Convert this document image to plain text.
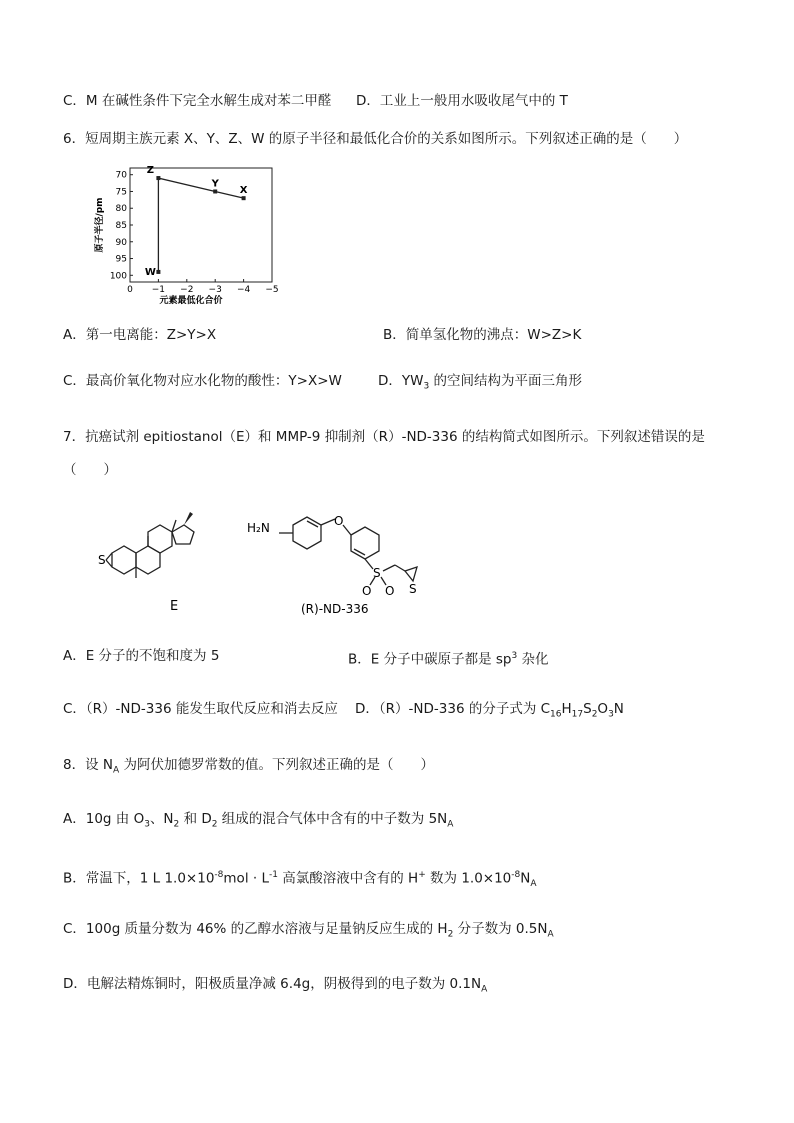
C．M 在碱性条件下完全水解生成对苯二甲醛 D．工业上一般用水吸收尾气中的 T
6．短周期主族元素 X、Y、Z、W 的原子半径和最低化合价的关系如图所示。下列叙述正确的是（　　）
70
75
80
85
90
95
100
0 −1 −2 −3 −4 −5
元素最低化合价
原子半径/pm
W
Z
Y
X
A．第一电离能：Z>Y>X	B．简单氢化物的沸点：W>Z>K
C．最高价氧化物对应水化物的酸性：Y>X>W	D．$YW_3$ 的空间结构为平面三角形
7．抗癌试剂 epitiostanol（E）和 MMP-9 抑制剂（R）-ND-336 的结构简式如图所示。下列叙述错误的是
（　　）
S
E
H₂N	O
S
O O S
(R)-ND-336
A．E 分子的不饱和度为 5	B．E 分子中碳原子都是 $sp^3$ 杂化
C．（R）-ND-336 能发生取代反应和消去反应 D．（R）-ND-336 的分子式为 $C_{16}H_{17}S_2O_3N$
8．设 $N_A$ 为阿伏加德罗常数的值。下列叙述正确的是（　　）
A．10g 由 $O_3$、$N_2$ 和 $D_2$ 组成的混合气体中含有的中子数为 $5N_A$
B．常温下，1 L $1.0\times 10^{-8}mol \cdot L^{-1}$ 高氯酸溶液中含有的 H+ 数为 $1.0\times 10^{-8}N_A$
C．100g 质量分数为 46% 的乙醇水溶液与足量钠反应生成的 $H_2$ 分子数为 $0.5N_A$
D．电解法精炼铜时，阳极质量净减 6.4g，阴极得到的电子数为 $0.1N_A$
